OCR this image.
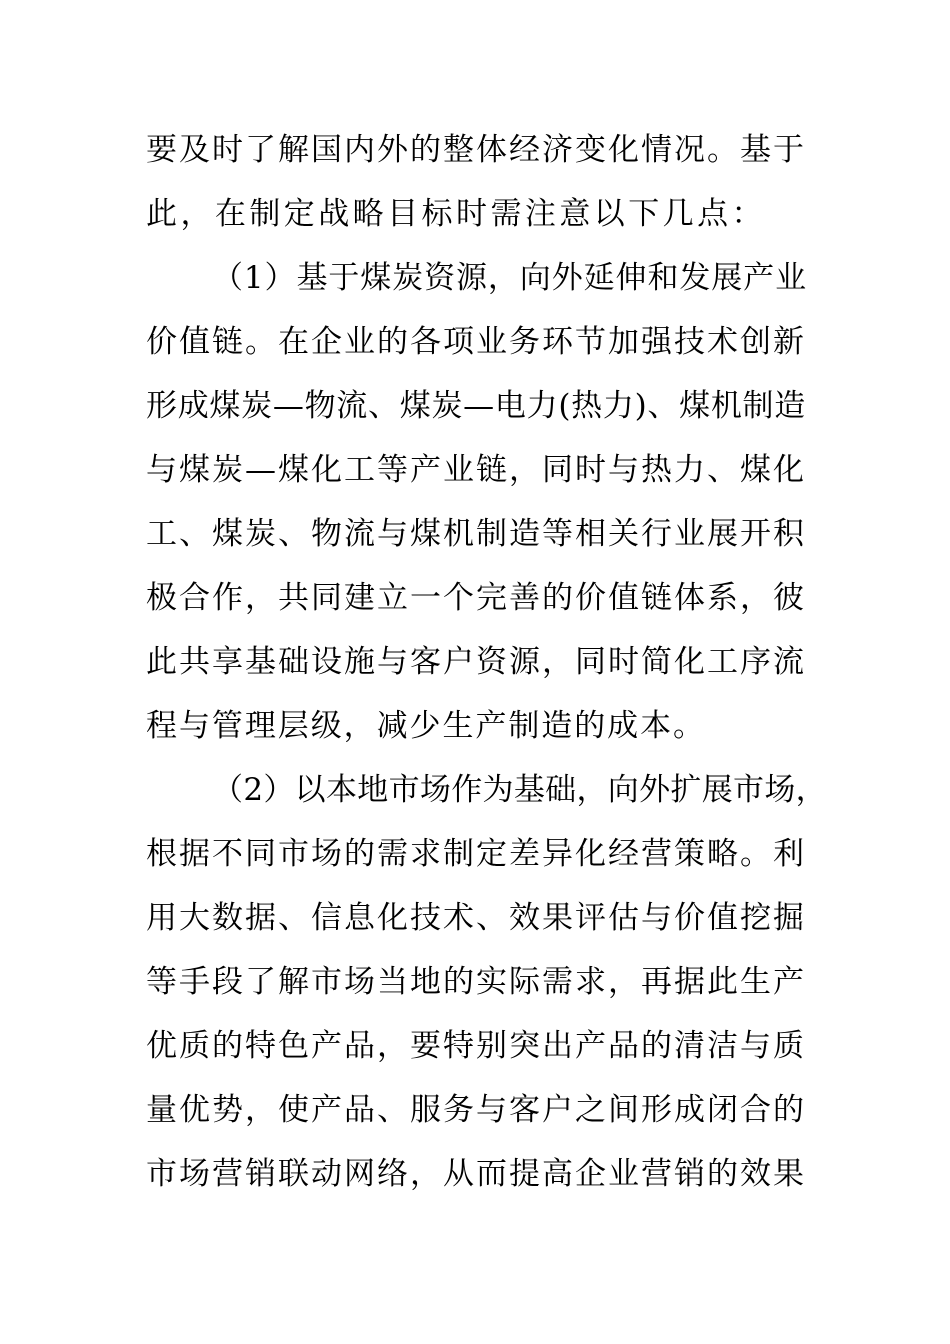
要及时了解国内外的整体经济变化情况。基于
此，在制定战略目标时需注意以下几点：
（1）基于煤炭资源，向外延伸和发展产业
价值链。在企业的各项业务环节加强技术创新
形成煤炭—物流、煤炭—电力(热力)、煤机制造
与煤炭—煤化工等产业链，同时与热力、煤化
工、煤炭、物流与煤机制造等相关行业展开积
极合作，共同建立一个完善的价值链体系，彼
此共享基础设施与客户资源，同时简化工序流
程与管理层级，减少生产制造的成本。
（2）以本地市场作为基础，向外扩展市场，
根据不同市场的需求制定差异化经营策略。利
用大数据、信息化技术、效果评估与价值挖掘
等手段了解市场当地的实际需求，再据此生产
优质的特色产品，要特别突出产品的清洁与质
量优势，使产品、服务与客户之间形成闭合的
市场营销联动网络，从而提高企业营销的效果
